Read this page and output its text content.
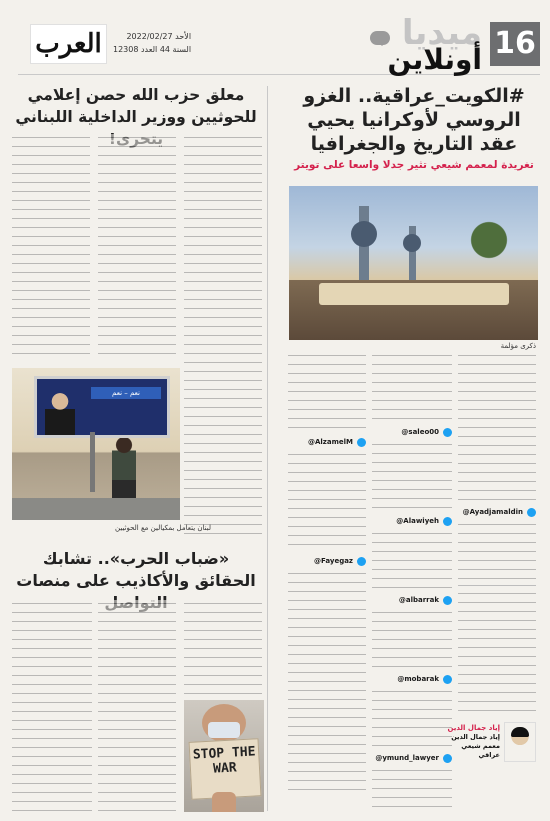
16
ميديا
أونلاين
الأحد 2022/02/27
السنة 44 العدد 12308
العرب
#الكويت_عراقية.. الغزو الروسي لأوكرانيا يحيي عقد التاريخ والجغرافيا
تغريدة لمعمم شيعي تثير جدلا واسعا على تويتر
ذكرى مؤلمة
@Ayadjamaldin
@saleo00
@Alawiyeh
@albarrak
@mobarak
@ymund_lawyer
@AlzamelM
@Fayegaz
إياد جمال الدين
إياد جمال الدين معمم شيعي عراقي
معلق حزب الله حصن إعلامي للحوثيين ووزير الداخلية اللبناني
نعم – نعم
لبنان يتعامل بمكيالين مع الحوثيين
«ضباب الحرب».. تشابك الحقائق والأكاذيب على منصات
STOP THE WAR
